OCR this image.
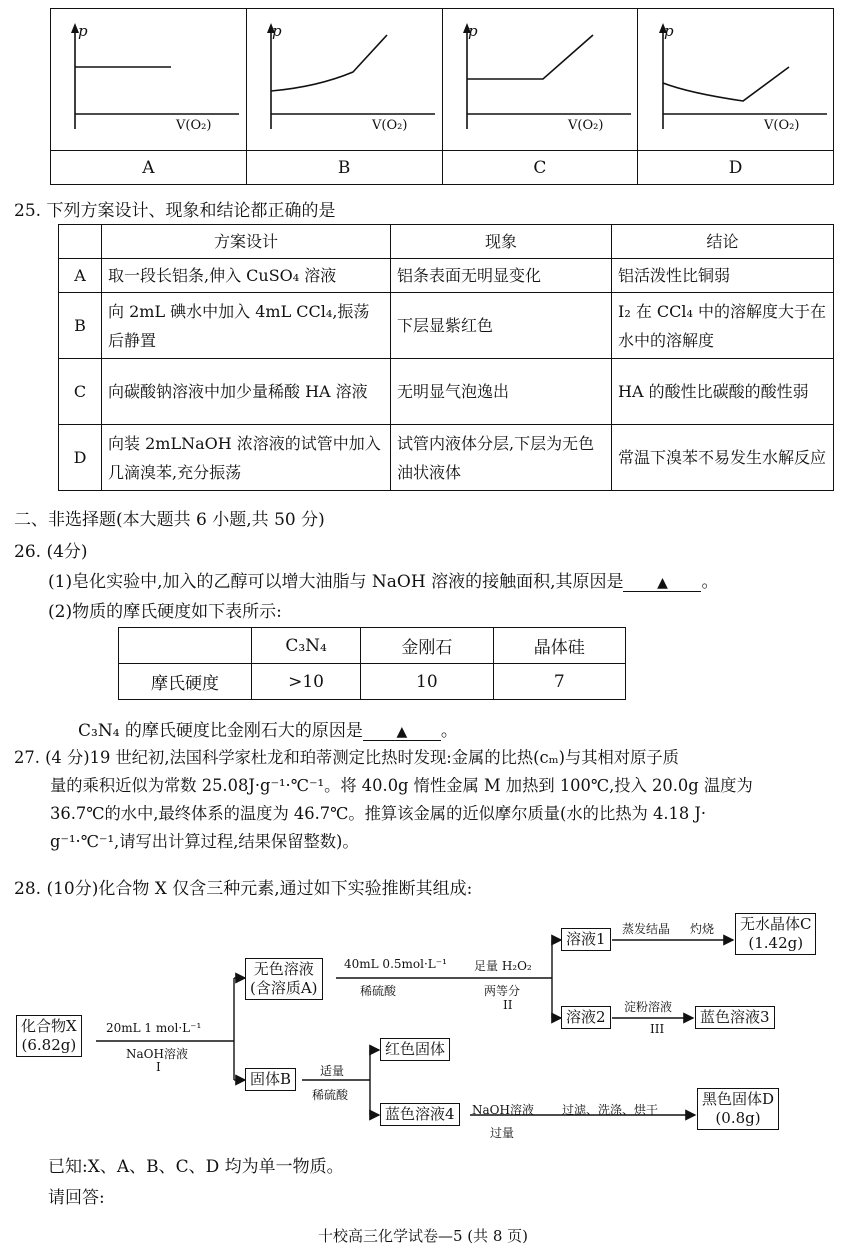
A	B	C	D
p	p	p	p
V(O₂)	V(O₂)	V(O₂)	V(O₂)
25. 下列方案设计、现象和结论都正确的是
	方案设计	现象	结论
A	取一段长铝条,伸入 CuSO₄ 溶液	铝条表面无明显变化	铝活泼性比铜弱
B	向 2mL 碘水中加入 4mL CCl₄,振荡后静置	下层显紫红色	I₂ 在 CCl₄ 中的溶解度大于在水中的溶解度
C	向碳酸钠溶液中加少量稀酸 HA 溶液	无明显气泡逸出	HA 的酸性比碳酸的酸性弱
D	向装 2mLNaOH 浓溶液的试管中加入几滴溴苯,充分振荡	试管内液体分层,下层为无色油状液体	常温下溴苯不易发生水解反应
二、非选择题(本大题共 6 小题,共 50 分)
26. (4分)
(1)皂化实验中,加入的乙醇可以增大油脂与 NaOH 溶液的接触面积,其原因是 ▲ 。
(2)物质的摩氏硬度如下表所示:
	C₃N₄	金刚石	晶体硅
摩氏硬度	>10	10	7
C₃N₄ 的摩氏硬度比金刚石大的原因是 ▲ 。
27. (4 分)19 世纪初,法国科学家杜龙和珀蒂测定比热时发现:金属的比热(cₘ)与其相对原子质
量的乘积近似为常数 25.08J·g⁻¹·℃⁻¹。将 40.0g 惰性金属 M 加热到 100℃,投入 20.0g 温度为
36.7℃的水中,最终体系的温度为 46.7℃。推算该金属的近似摩尔质量(水的比热为 4.18 J·
g⁻¹·℃⁻¹,请写出计算过程,结果保留整数)。
28. (10分)化合物 X 仅含三种元素,通过如下实验推断其组成:
化合物X
(6.82g)
无色溶液
(含溶质A)
溶液1
无水晶体C
(1.42g)
溶液2	蓝色溶液3
固体B
红色固体
蓝色溶液4
黑色固体D
(0.8g)
20mL 1 mol·L⁻¹
NaOH溶液
I
40mL 0.5mol·L⁻¹
稀硫酸
足量 H₂O₂
两等分
II
蒸发结晶 灼烧
淀粉溶液
III
适量
稀硫酸
NaOH溶液
过量
过滤、洗涤、烘干
已知:X、A、B、C、D 均为单一物质。
请回答:
十校高三化学试卷—5 (共 8 页)
